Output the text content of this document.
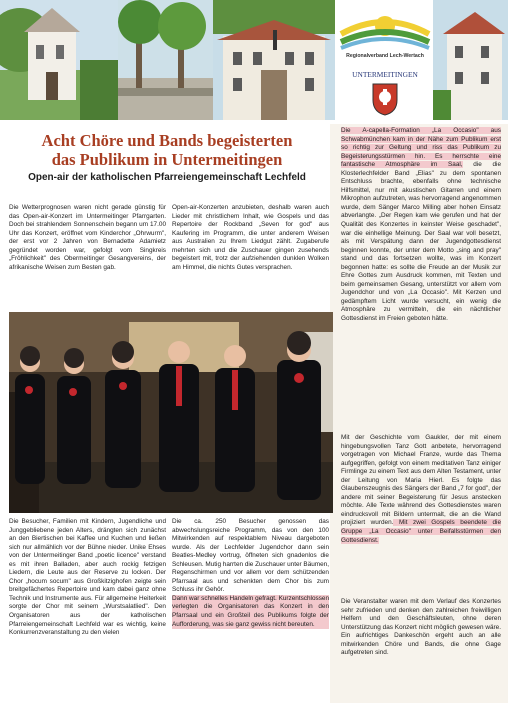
Regionalverband Lech-Wertach
UNTERMEITINGEN
Acht Chöre und Bands begeisterten
das Publikum in Untermeitingen
Open-air der katholischen Pfarreiengemeinschaft Lechfeld
Die Wetterprognosen waren nicht gerade günstig für das Open-air-Konzert im Untermeitinger Pfarrgarten. Doch bei strahlendem Sonnenschein begann um 17.00 Uhr das Konzert, eröffnet vom Kinderchor „Ohrwurm", der erst vor 2 Jahren von Bernadette Adamietz gegründet worden war, gefolgt vom Singkreis „Fröhlichkeit" des Obermeitinger Gesangvereins, der afrikanische Weisen zum Besten gab.
Open-air-Konzerten anzubieten, deshalb waren auch Lieder mit christlichem Inhalt, wie Gospels und das Repertoire der Rockband „Seven for god" aus Kaufering im Programm, die unter anderem Weisen aus Australien zu Ihrem Liedgut zählt. Zugaberufe mehrten sich und die Zuschauer gingen zusehends begeistert mit, trotz der aufziehenden dunklen Wolken am Himmel, die nichts Gutes versprachen.
Die A-capella-Formation „La Occasio" aus Schwabmünchen kam in der Nähe zum Publikum erst so richtig zur Geltung und riss das Publikum zu Begeisterungsstürmen hin. Es herrschte eine fantastische Atmosphäre im Saal, die die Klosterlechfelder Band „Elias" zu dem spontanen Entschluss brachte, ebenfalls ohne technische Hilfsmittel, nur mit akustischen Gitarren und einem Mikrophon aufzutreten, was hervorragend angenommen wurde, dem Sänger Marco Milling aber hohen Einsatz abverlangte. „Der Regen kam wie gerufen und hat der Qualität des Konzertes in keinster Weise geschadet", war die einhellige Meinung. Der Saal war voll besetzt, als mit Verspätung dann der Jugendgottesdienst beginnen konnte, der unter dem Motto „sing and pray" stand und das fortsetzen wollte, was im Konzert begonnen hatte: es sollte die Freude an der Musik zur Ehre Gottes zum Ausdruck kommen, mit Texten und beim gemeinsamen Gesang, unterstützt vor allem vom Jugendchor und von „La Occasio". Mit Kerzen und gedämpftem Licht wurde versucht, ein wenig die Atmosphäre zu vermitteln, die ein nächtlicher Gottesdienst im Freien geboten hätte.
Mit der Geschichte vom Gaukler, der mit einem hingebungsvollen Tanz Gott anbetete, hervorragend vorgetragen von Michael Franze, wurde das Thema aufgegriffen, gefolgt von einem meditativen Tanz einiger Firmlinge zu einem Text aus dem Alten Testament, unter der Leitung von Maria Hierl. Es folgte das Glaubenszeugnis des Sängers der Band „7 for god", der andere mit seiner Begeisterung für Jesus anstecken möchte. Alle Texte während des Gottesdienstes waren eindrucksvoll mit Bildern untermalt, die an die Wand projiziert wurden. Mit zwei Gospels beendete die Gruppe „La Occasio" unter Beifallsstürmen den Gottesdienst.
Die Veranstalter waren mit dem Verlauf des Konzertes sehr zufrieden und denken den zahlreichen freiwilligen Helfern und den Geschäftsleuten, ohne deren Unterstützung das Konzert nicht möglich gewesen wäre. Ein aufrichtiges Dankeschön ergeht auch an alle mitwirkenden Chöre und Bands, die ohne Gage aufgetreten sind.
Die Besucher, Familien mit Kindern, Jugendliche und Junggebliebene jeden Alters, drängten sich zunächst an den Biertischen bei Kaffee und Kuchen und ließen sich nur allmählich vor der Bühne nieder. Unike Ehses von der Untermeitinger Band „poetic licence" verstand es mit ihren Balladen, aber auch rockig fetzigen Liedern, die Leute aus der Reserve zu locken. Der Chor „hocum socum" aus Großkitzighofen zeigte sein breitgefächertes Repertoire und kam dabei ganz ohne Technik und Instrumente aus. Für allgemeine Heiterkeit sorgte der Chor mit seinem „Wurstsalatlied". Den Organisatoren aus der katholischen Pfarreiengemeinschaft Lechfeld war es wichtig, keine Konkurrenzveranstaltung zu den vielen
Die ca. 250 Besucher genossen das abwechslungsreiche Programm, das von den 100 Mitwirkenden auf respektablem Niveau dargeboten wurde. Als der Lechfelder Jugendchor dann sein Beatles-Medley vortrug, öffneten sich gnadenlos die Schleusen. Mutig harrten die Zuschauer unter Bäumen, Regenschirmen und vor allem vor dem schützenden Pfarrsaal aus und schenkten dem Chor bis zum Schluss ihr Gehör.
Dann war schnelles Handeln gefragt. Kurzentschlossen verlegten die Organisatoren das Konzert in den Pfarrsaal und ein Großteil des Publikums folgte der Aufforderung, was sie ganz gewiss nicht bereuten.
